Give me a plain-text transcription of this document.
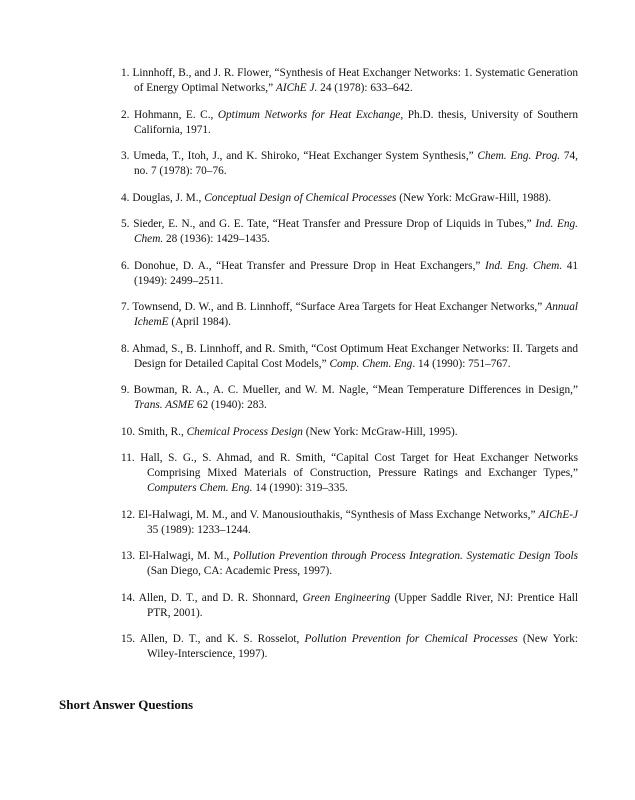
1. Linnhoff, B., and J. R. Flower, “Synthesis of Heat Exchanger Networks: 1. Systematic Generation of Energy Optimal Networks,” AIChE J. 24 (1978): 633–642.
2. Hohmann, E. C., Optimum Networks for Heat Exchange, Ph.D. thesis, University of Southern California, 1971.
3. Umeda, T., Itoh, J., and K. Shiroko, “Heat Exchanger System Synthesis,” Chem. Eng. Prog. 74, no. 7 (1978): 70–76.
4. Douglas, J. M., Conceptual Design of Chemical Processes (New York: McGraw-Hill, 1988).
5. Sieder, E. N., and G. E. Tate, “Heat Transfer and Pressure Drop of Liquids in Tubes,” Ind. Eng. Chem. 28 (1936): 1429–1435.
6. Donohue, D. A., “Heat Transfer and Pressure Drop in Heat Exchangers,” Ind. Eng. Chem. 41 (1949): 2499–2511.
7. Townsend, D. W., and B. Linnhoff, “Surface Area Targets for Heat Exchanger Networks,” Annual IchemE (April 1984).
8. Ahmad, S., B. Linnhoff, and R. Smith, “Cost Optimum Heat Exchanger Networks: II. Targets and Design for Detailed Capital Cost Models,” Comp. Chem. Eng. 14 (1990): 751–767.
9. Bowman, R. A., A. C. Mueller, and W. M. Nagle, “Mean Temperature Differences in Design,” Trans. ASME 62 (1940): 283.
10. Smith, R., Chemical Process Design (New York: McGraw-Hill, 1995).
11. Hall, S. G., S. Ahmad, and R. Smith, “Capital Cost Target for Heat Exchanger Networks Comprising Mixed Materials of Construction, Pressure Ratings and Exchanger Types,” Computers Chem. Eng. 14 (1990): 319–335.
12. El-Halwagi, M. M., and V. Manousiouthakis, “Synthesis of Mass Exchange Networks,” AIChE-J 35 (1989): 1233–1244.
13. El-Halwagi, M. M., Pollution Prevention through Process Integration. Systematic Design Tools (San Diego, CA: Academic Press, 1997).
14. Allen, D. T., and D. R. Shonnard, Green Engineering (Upper Saddle River, NJ: Prentice Hall PTR, 2001).
15. Allen, D. T., and K. S. Rosselot, Pollution Prevention for Chemical Processes (New York: Wiley-Interscience, 1997).
Short Answer Questions
